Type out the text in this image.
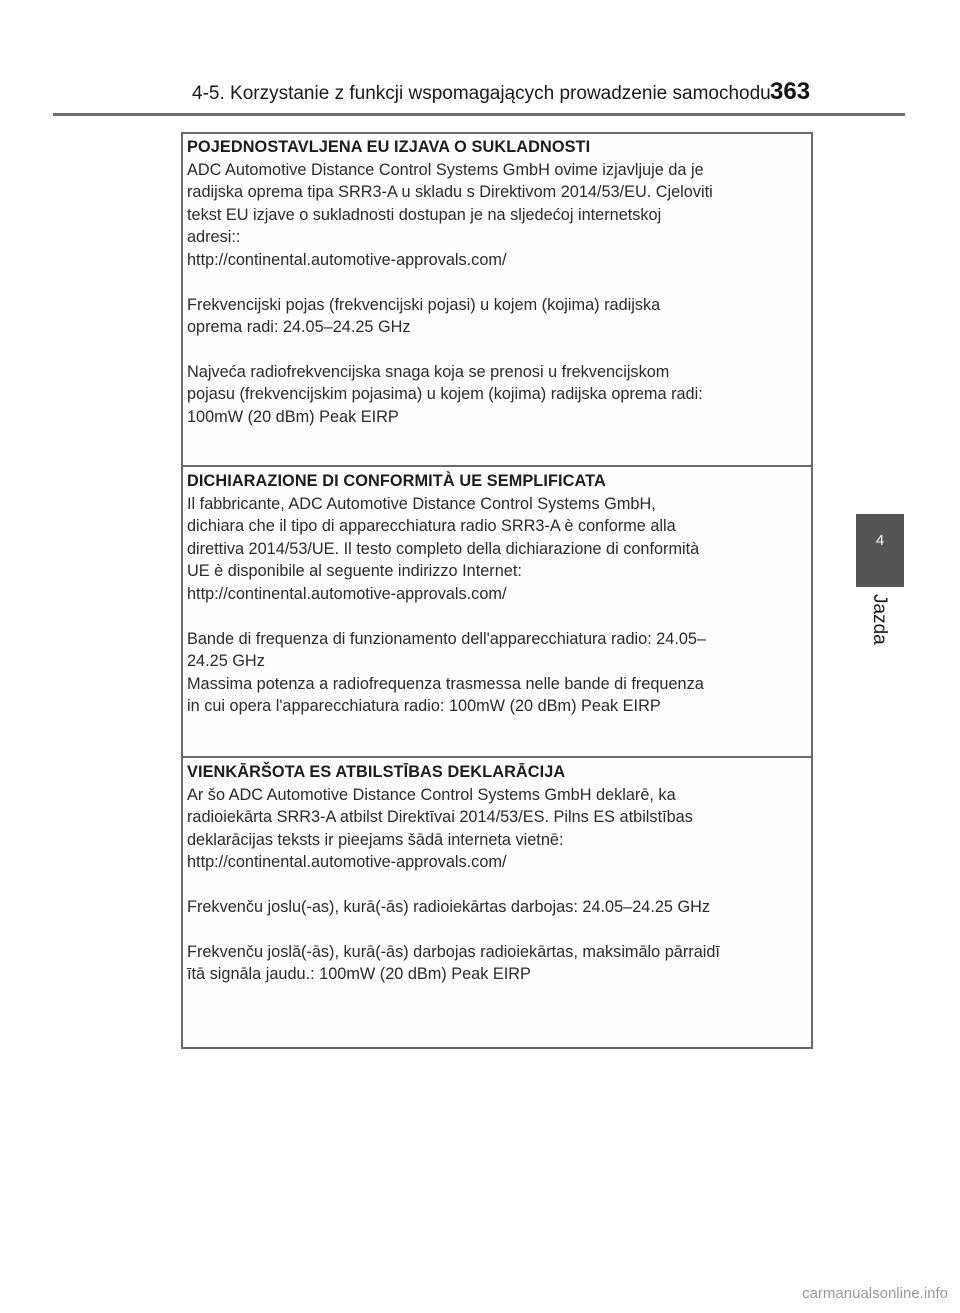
4-5. Korzystanie z funkcji wspomagających prowadzenie samochodu 363
4
Jazda
POJEDNOSTAVLJENA EU IZJAVA O SUKLADNOSTI

ADC Automotive Distance Control Systems GmbH ovime izjavljuje da je

radijska oprema tipa SRR3-A u skladu s Direktivom 2014/53/EU. Cjeloviti

tekst EU izjave o sukladnosti dostupan je na sljedećoj internetskoj

adresi::

http://continental.automotive-approvals.com/

Frekvencijski pojas (frekvencijski pojasi) u kojem (kojima) radijska

oprema radi: 24.05–24.25 GHz

Najveća radiofrekvencijska snaga koja se prenosi u frekvencijskom

pojasu (frekvencijskim pojasima) u kojem (kojima) radijska oprema radi:

100mW (20 dBm) Peak EIRP

DICHIARAZIONE DI CONFORMITÀ UE SEMPLIFICATA

Il fabbricante, ADC Automotive Distance Control Systems GmbH,

dichiara che il tipo di apparecchiatura radio SRR3-A è conforme alla

direttiva 2014/53/UE. Il testo completo della dichiarazione di conformità

UE è disponibile al seguente indirizzo Internet:

http://continental.automotive-approvals.com/

Bande di frequenza di funzionamento dell'apparecchiatura radio: 24.05–

24.25 GHz

Massima potenza a radiofrequenza trasmessa nelle bande di frequenza

in cui opera l'apparecchiatura radio: 100mW (20 dBm) Peak EIRP

VIENKĀRŠOTA ES ATBILSTĪBAS DEKLARĀCIJA

Ar šo ADC Automotive Distance Control Systems GmbH deklarē, ka

radioiekārta SRR3-A atbilst Direktīvai 2014/53/ES. Pilns ES atbilstības

deklarācijas teksts ir pieejams šādā interneta vietnē:

http://continental.automotive-approvals.com/

Frekvenču joslu(-as), kurā(-ās) radioiekārtas darbojas: 24.05–24.25 GHz

Frekvenču joslā(-ās), kurā(-ās) darbojas radioiekārtas, maksimālo pārraidī

ītā signāla jaudu.: 100mW (20 dBm) Peak EIRP

carmanualsonline.info
